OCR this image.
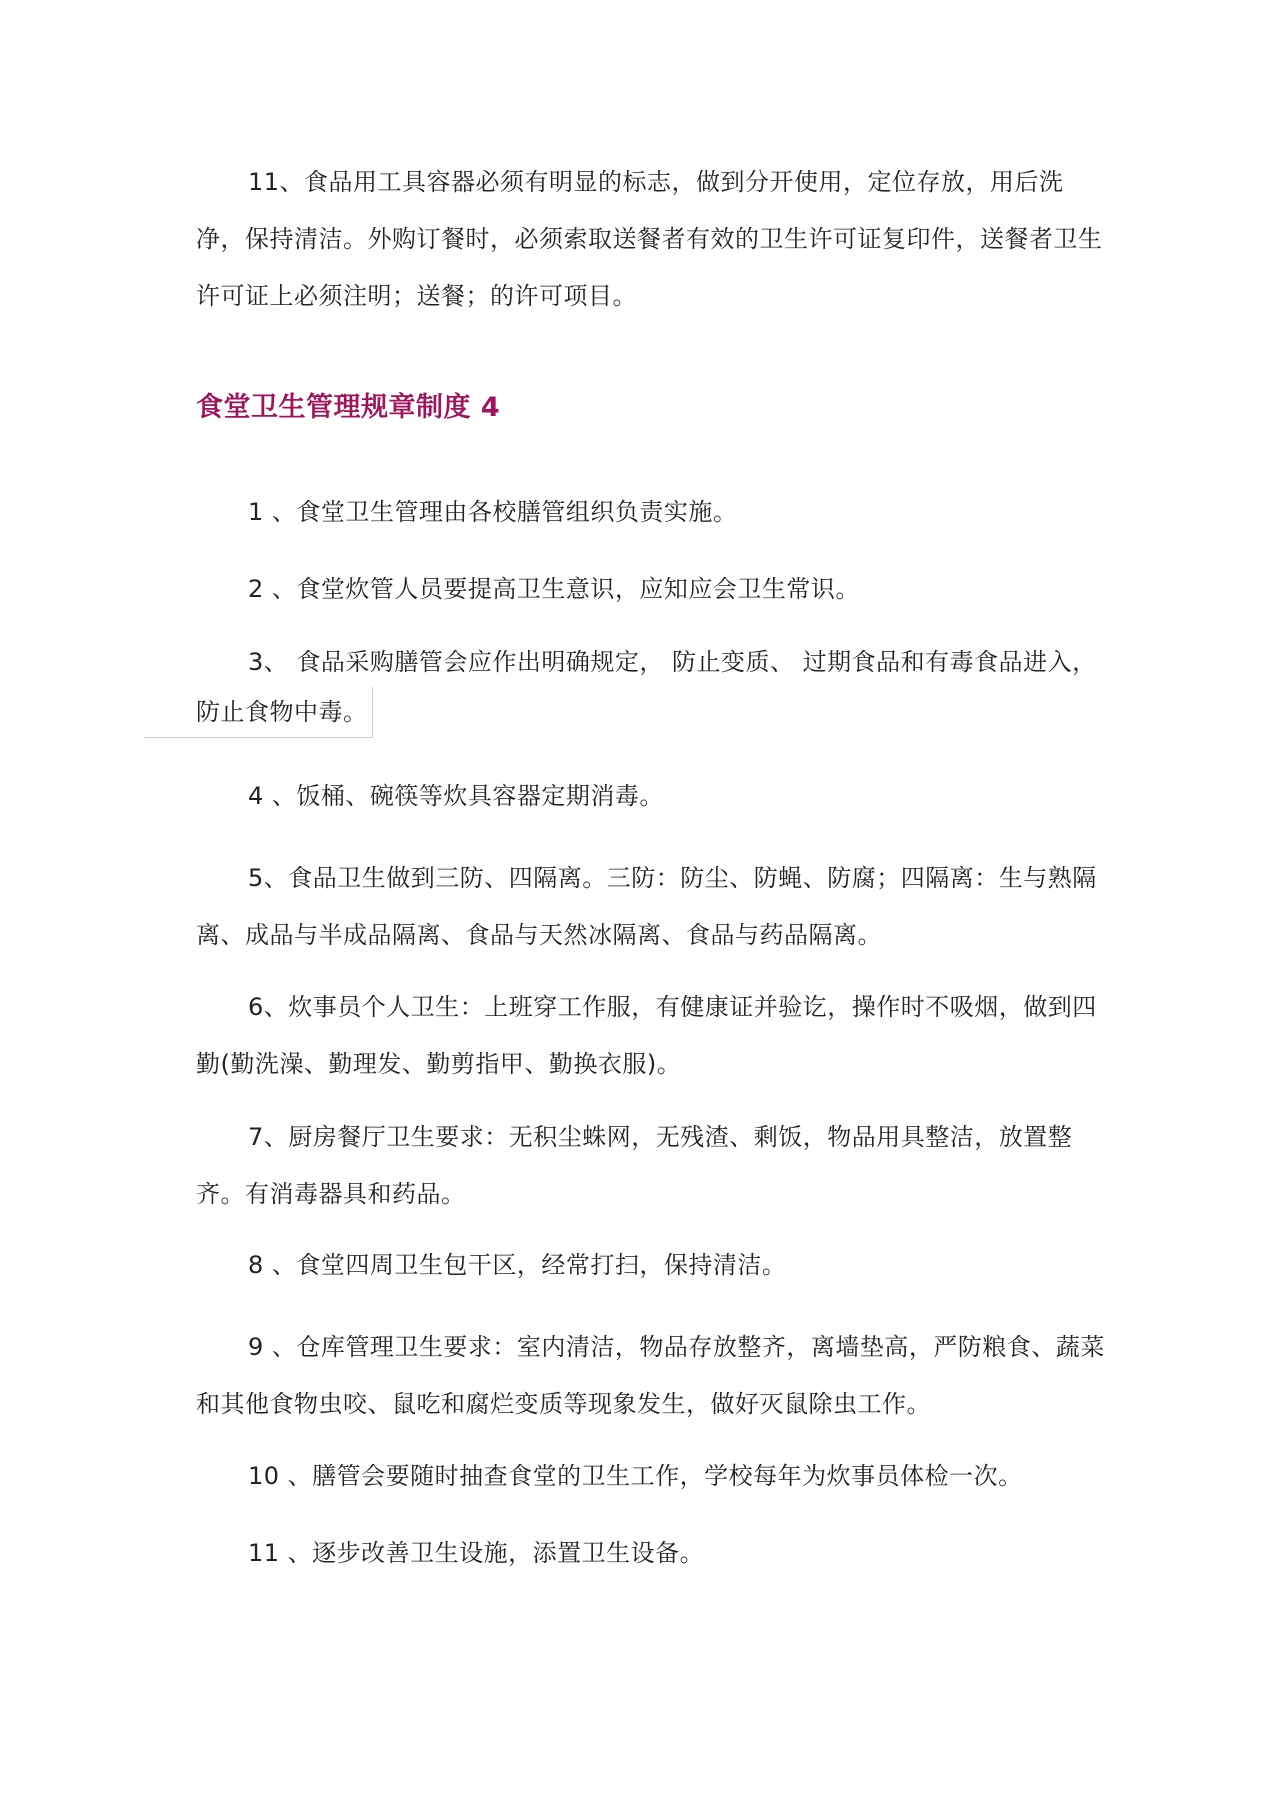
11、食品用工具容器必须有明显的标志，做到分开使用，定位存放，用后洗净，保持清洁。外购订餐时，必须索取送餐者有效的卫生许可证复印件，送餐者卫生许可证上必须注明；送餐；的许可项目。

食堂卫生管理规章制度 4

1 、食堂卫生管理由各校膳管组织负责实施。

2 、食堂炊管人员要提高卫生意识，应知应会卫生常识。

3、 食品采购膳管会应作出明确规定， 防止变质、 过期食品和有毒食品进入，
防止食物中毒。

4 、饭桶、碗筷等炊具容器定期消毒。

5、食品卫生做到三防、四隔离。三防：防尘、防蝇、防腐；四隔离：生与熟隔离、成品与半成品隔离、食品与天然冰隔离、食品与药品隔离。

6、炊事员个人卫生：上班穿工作服，有健康证并验讫，操作时不吸烟，做到四勤(勤洗澡、勤理发、勤剪指甲、勤换衣服)。

7、厨房餐厅卫生要求：无积尘蛛网，无残渣、剩饭，物品用具整洁，放置整齐。有消毒器具和药品。

8 、食堂四周卫生包干区，经常打扫，保持清洁。

9 、仓库管理卫生要求：室内清洁，物品存放整齐，离墙垫高，严防粮食、蔬菜和其他食物虫咬、鼠吃和腐烂变质等现象发生，做好灭鼠除虫工作。

10 、膳管会要随时抽查食堂的卫生工作，学校每年为炊事员体检一次。

11 、逐步改善卫生设施，添置卫生设备。
